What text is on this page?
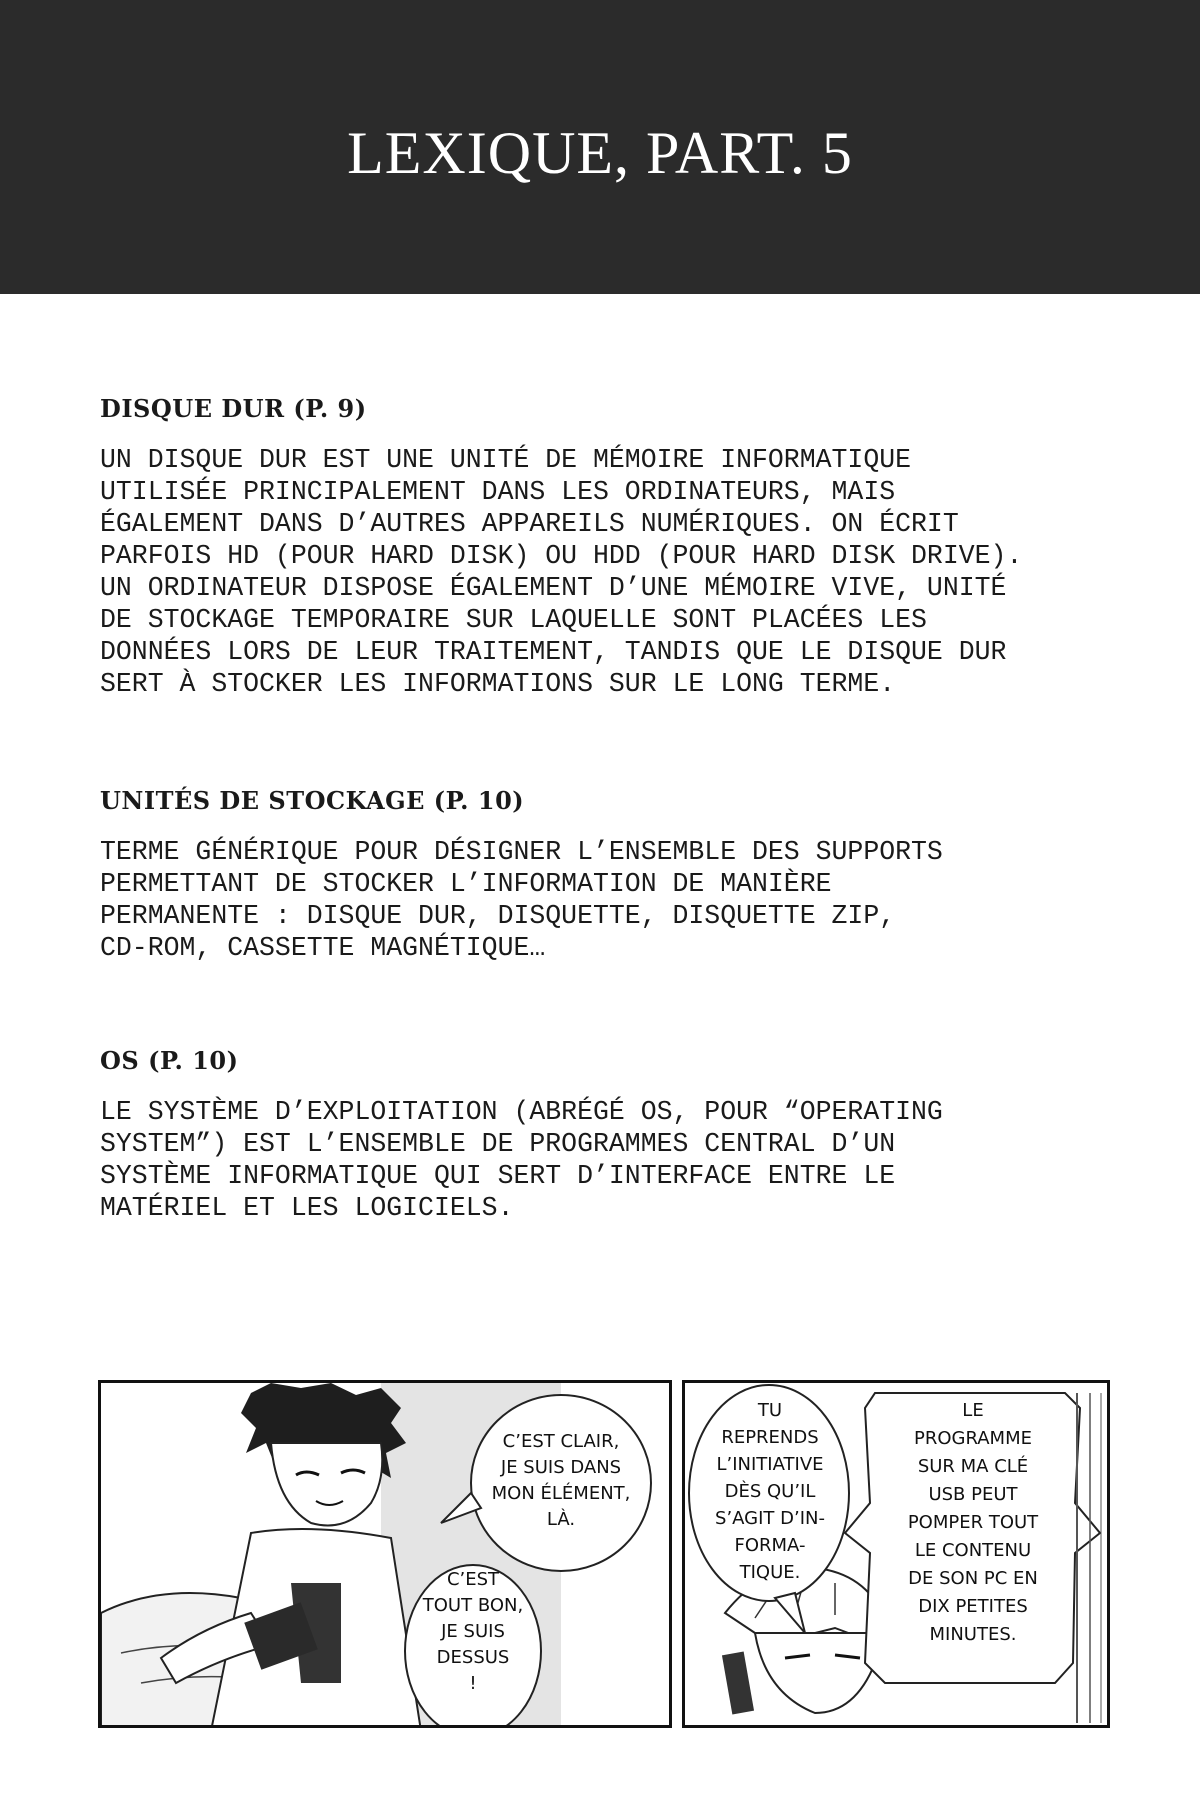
LEXIQUE, PART. 5
DISQUE DUR (P. 9)

UN DISQUE DUR EST UNE UNITÉ DE MÉMOIRE INFORMATIQUE
UTILISÉE PRINCIPALEMENT DANS LES ORDINATEURS, MAIS
ÉGALEMENT DANS D’AUTRES APPAREILS NUMÉRIQUES. ON ÉCRIT
PARFOIS HD (POUR HARD DISK) OU HDD (POUR HARD DISK DRIVE).
UN ORDINATEUR DISPOSE ÉGALEMENT D’UNE MÉMOIRE VIVE, UNITÉ
DE STOCKAGE TEMPORAIRE SUR LAQUELLE SONT PLACÉES LES
DONNÉES LORS DE LEUR TRAITEMENT, TANDIS QUE LE DISQUE DUR
SERT À STOCKER LES INFORMATIONS SUR LE LONG TERME.

UNITÉS DE STOCKAGE (P. 10)

TERME GÉNÉRIQUE POUR DÉSIGNER L’ENSEMBLE DES SUPPORTS
PERMETTANT DE STOCKER L’INFORMATION DE MANIÈRE
PERMANENTE : DISQUE DUR, DISQUETTE, DISQUETTE ZIP,
CD-ROM, CASSETTE MAGNÉTIQUE…

OS (P. 10)

LE SYSTÈME D’EXPLOITATION (ABRÉGÉ OS, POUR “OPERATING
SYSTEM”) EST L’ENSEMBLE DE PROGRAMMES CENTRAL D’UN
SYSTÈME INFORMATIQUE QUI SERT D’INTERFACE ENTRE LE
MATÉRIEL ET LES LOGICIELS.

C’EST CLAIR,
JE SUIS DANS
MON ÉLÉMENT,
LÀ.
C’EST
TOUT BON,
JE SUIS
DESSUS
!
TU
REPRENDS
L’INITIATIVE
DÈS QU’IL
S’AGIT D’IN-
FORMA-
TIQUE.
LE
PROGRAMME
SUR MA CLÉ
USB PEUT
POMPER TOUT
LE CONTENU
DE SON PC EN
DIX PETITES
MINUTES.
